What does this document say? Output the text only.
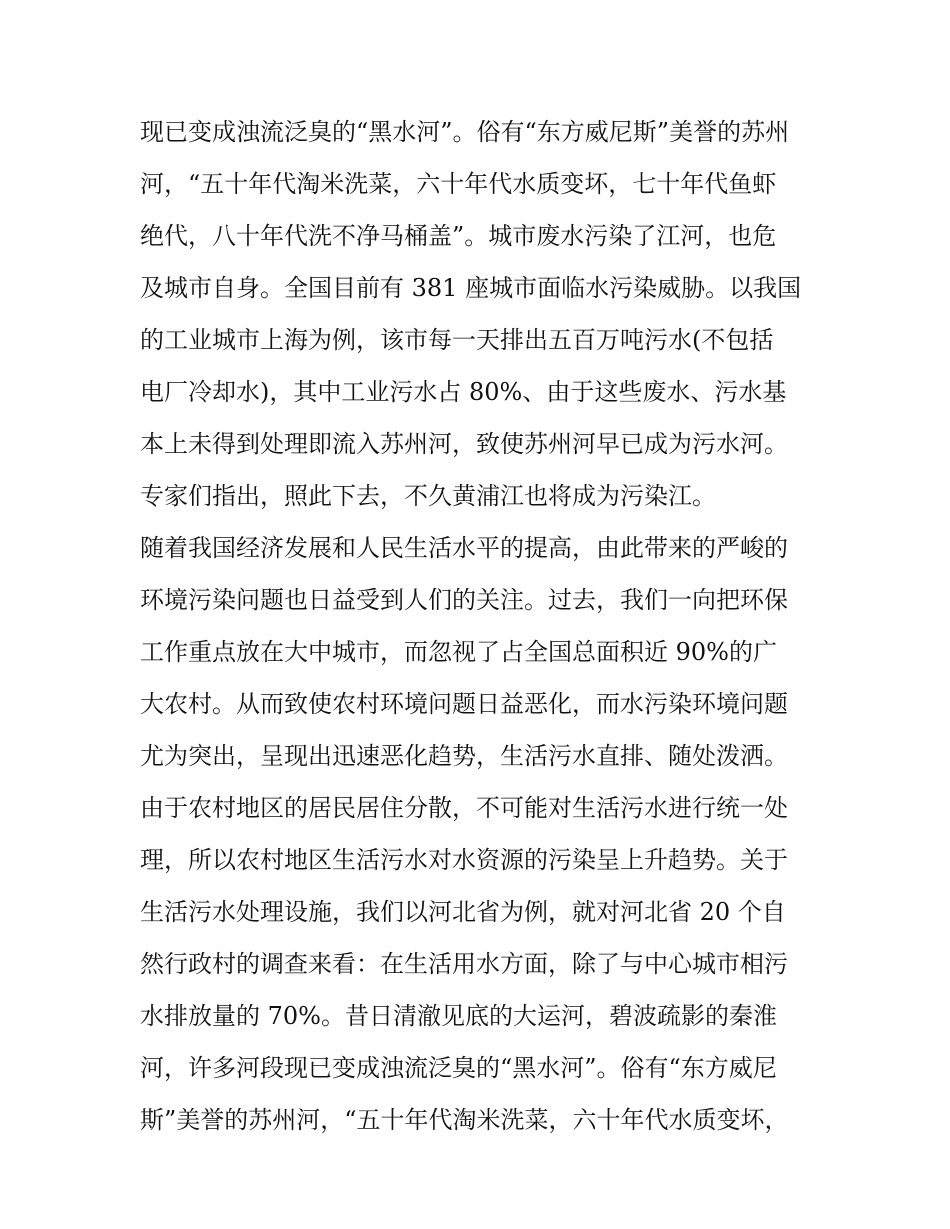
现已变成浊流泛臭的“黑水河”。俗有“东方威尼斯”美誉的苏州
河，“五十年代淘米洗菜，六十年代水质变坏，七十年代鱼虾
绝代，八十年代洗不净马桶盖”。城市废水污染了江河，也危
及城市自身。全国目前有 381 座城市面临水污染威胁。以我国
的工业城市上海为例，该市每一天排出五百万吨污水(不包括
电厂冷却水)，其中工业污水占 80%、由于这些废水、污水基
本上未得到处理即流入苏州河，致使苏州河早已成为污水河。
专家们指出，照此下去，不久黄浦江也将成为污染江。
随着我国经济发展和人民生活水平的提高，由此带来的严峻的
环境污染问题也日益受到人们的关注。过去，我们一向把环保
工作重点放在大中城市，而忽视了占全国总面积近 90%的广
大农村。从而致使农村环境问题日益恶化，而水污染环境问题
尤为突出，呈现出迅速恶化趋势，生活污水直排、随处泼洒。
由于农村地区的居民居住分散，不可能对生活污水进行统一处
理，所以农村地区生活污水对水资源的污染呈上升趋势。关于
生活污水处理设施，我们以河北省为例，就对河北省 20 个自
然行政村的调查来看：在生活用水方面，除了与中心城市相污
水排放量的 70%。昔日清澈见底的大运河，碧波疏影的秦淮
河，许多河段现已变成浊流泛臭的“黑水河”。俗有“东方威尼
斯”美誉的苏州河，“五十年代淘米洗菜，六十年代水质变坏，
